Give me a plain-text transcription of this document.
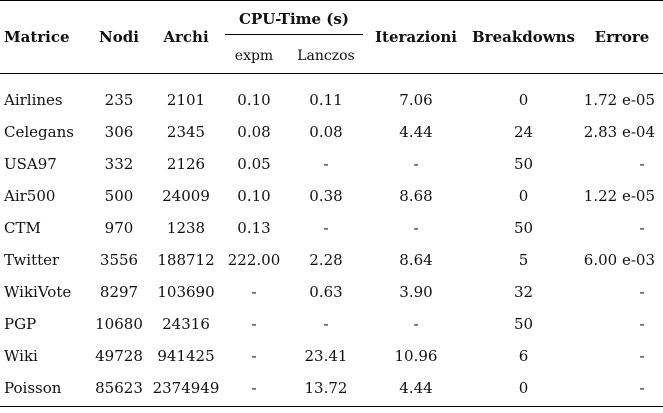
Matrice	Nodi	Archi	CPU-Time (s)		Iterazioni	Breakdowns	Errore
			expm	Lanczos			

Airlines	235	2101	0.10	0.11	7.06	0	1.72 e-05
Celegans	306	2345	0.08	0.08	4.44	24	2.83 e-04
USA97	332	2126	0.05	-	-	50	-
Air500	500	24009	0.10	0.38	8.68	0	1.22 e-05
CTM	970	1238	0.13	-	-	50	-
Twitter	3556	188712	222.00	2.28	8.64	5	6.00 e-03
WikiVote	8297	103690	-	0.63	3.90	32	-
PGP	10680	24316	-	-	-	50	-
Wiki	49728	941425	-	23.41	10.96	6	-
Poisson	85623	2374949	-	13.72	4.44	0	-
